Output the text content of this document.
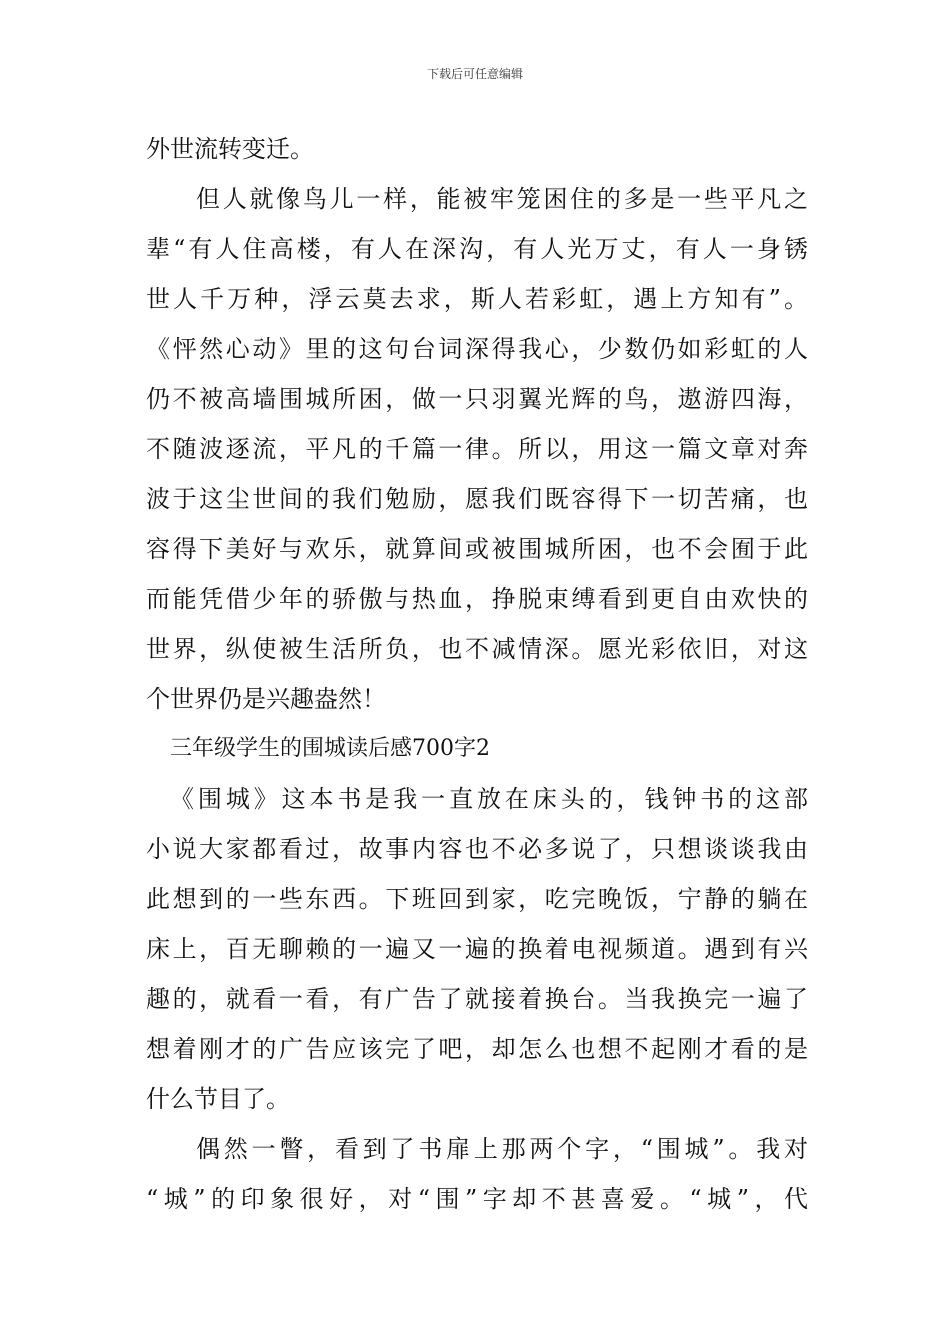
下载后可任意编辑
外世流转变迁。
但人就像鸟儿一样，能被牢笼困住的多是一些平凡之
辈“有人住高楼，有人在深沟，有人光万丈，有人一身锈
世人千万种，浮云莫去求，斯人若彩虹，遇上方知有”。
《怦然心动》里的这句台词深得我心，少数仍如彩虹的人
仍不被高墙围城所困，做一只羽翼光辉的鸟，遨游四海，
不随波逐流，平凡的千篇一律。所以，用这一篇文章对奔
波于这尘世间的我们勉励，愿我们既容得下一切苦痛，也
容得下美好与欢乐，就算间或被围城所困，也不会囿于此
而能凭借少年的骄傲与热血，挣脱束缚看到更自由欢快的
世界，纵使被生活所负，也不减情深。愿光彩依旧，对这
个世界仍是兴趣盎然！
三年级学生的围城读后感700字2
《围城》这本书是我一直放在床头的，钱钟书的这部
小说大家都看过，故事内容也不必多说了，只想谈谈我由
此想到的一些东西。下班回到家，吃完晚饭，宁静的躺在
床上，百无聊赖的一遍又一遍的换着电视频道。遇到有兴
趣的，就看一看，有广告了就接着换台。当我换完一遍了
想着刚才的广告应该完了吧，却怎么也想不起刚才看的是
什么节目了。
偶然一瞥，看到了书扉上那两个字，“围城”。我对
“城”的印象很好，对“围”字却不甚喜爱。“城”，代
